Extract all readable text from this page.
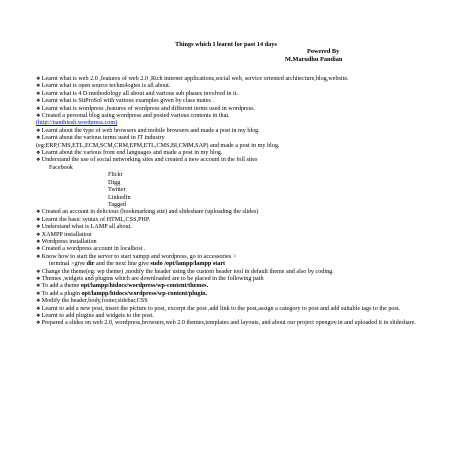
Things which I learnt for past 14 days
Powered By
M.Marudhu Pandian
❖Learnt what is web 2.0 ,features of web 2.0 ,Rich internet applications,social web, service oriented architecture,blog,website.
❖Learnt what is open source technologies is all about.
❖Learnt what is 4 D methodology all about and various sub phases involved in it.
❖Learnt what is SitProSol with various examples given by class mates .
❖Learnt what is wordpress ,features of wordpress and different terms used in wordpress.
❖Created a personal blog using wordpress and posted various contents in that.
(http://nanthiesh.wordpress.com)
❖Learnt about the type of web browsers and mobile browsers and made a post in my blog.
❖Learnt about the various terms used in IT industry
(eg:ERP,CMS,ETL,ECM,SCM,CRM,EPM,ETL,CMS,BI,CMM,SAP) and made a post in my blog.
❖Learnt about the various front end languages and made a post in my blog.
❖Understand the use of social networking sites and created a new account in the foll sites
Facebook
Flickr
Digg
Twitter
LinkedIn
Tagged
❖Created an account in delicious (bookmarking site) and slideshare (uploading the slides)
❖Learnt the basic syntax of HTML,CSS,PHP.
❖Understand what is LAMP all about.
❖XAMPP installation
❖Wordpress installation
❖Created a wordpress account in localhost .
❖Know how to start the server to start xampp and wordpress, go to accessories >
terminal >give dir and the next line give sudo /opt/lampp/lampp start
❖Change the theme(eg: wp theme) ,modify the header using the custom header tool in default theme and also by coding.
❖Themes ,widgets and plugins which are downloaded are to be placed in the following path
❖To add a theme opt/lampp/htdocs/wordpress/wp-content/themes.
❖To add a plugin opt/lampp/htdocs/wordpress/wp-content/plugin.
❖Modify the header,body,footer,sidebar,CSS
❖Learnt to add a new post, insert the picture to post, excerpt the post ,add link to the post,assign a category to post and add suitable tags to the post.
❖Learnt to add plugins and widgets to the post.
❖Prepared a slides on web 2.0, wordpress,browsers,web 2.0 themes,templates and layouts, and about our project opengov.in and uploaded it in slideshare.
